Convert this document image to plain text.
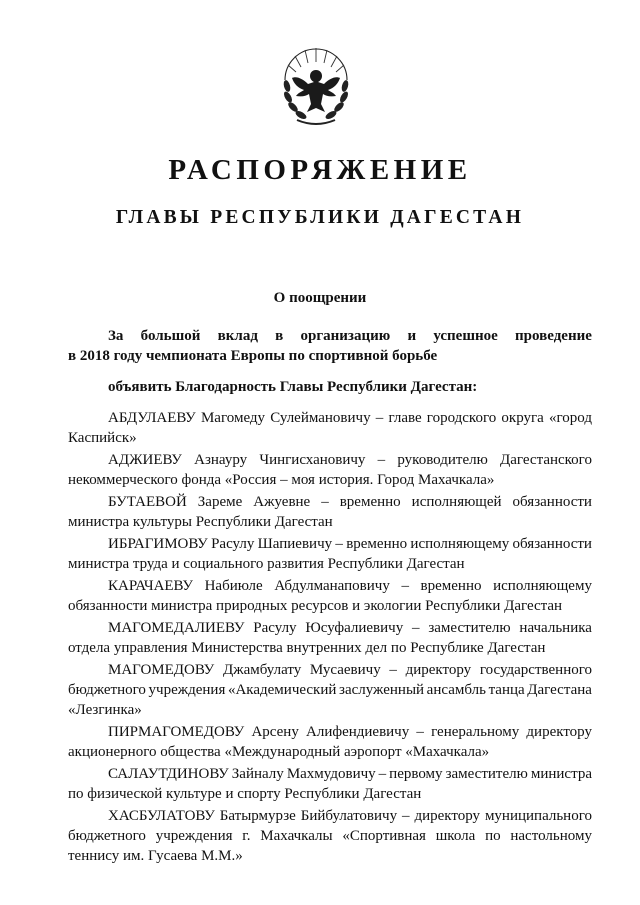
РАСПОРЯЖЕНИЕ
ГЛАВЫ РЕСПУБЛИКИ ДАГЕСТАН
О поощрении
За большой вклад в организацию и успешное проведение
в 2018 году чемпионата Европы по спортивной борьбе
объявить Благодарность Главы Республики Дагестан:
АБДУЛАЕВУ Магомеду Сулеймановичу – главе городского округа «город
Каспийск»
АДЖИЕВУ Азнауру Чингисхановичу – руководителю Дагестанского
некоммерческого фонда «Россия – моя история. Город Махачкала»
БУТАЕВОЙ Зареме Ажуевне – временно исполняющей обязанности
министра культуры Республики Дагестан
ИБРАГИМОВУ Расулу Шапиевичу – временно исполняющему обязанности
министра труда и социального развития Республики Дагестан
КАРАЧАЕВУ Набиюле Абдулманаповичу – временно исполняющему
обязанности министра природных ресурсов и экологии Республики Дагестан
МАГОМЕДАЛИЕВУ Расулу Юсуфалиевичу – заместителю начальника
отдела управления Министерства внутренних дел по Республике Дагестан
МАГОМЕДОВУ Джамбулату Мусаевичу – директору государственного
бюджетного учреждения «Академический заслуженный ансамбль танца Дагестана
«Лезгинка»
ПИРМАГОМЕДОВУ Арсену Алифендиевичу – генеральному директору
акционерного общества «Международный аэропорт «Махачкала»
САЛАУТДИНОВУ Зайналу Махмудовичу – первому заместителю министра
по физической культуре и спорту Республики Дагестан
ХАСБУЛАТОВУ Батырмурзе Бийбулатовичу – директору муниципального
бюджетного учреждения г. Махачкалы «Спортивная школа по настольному
теннису им. Гусаева М.М.»
